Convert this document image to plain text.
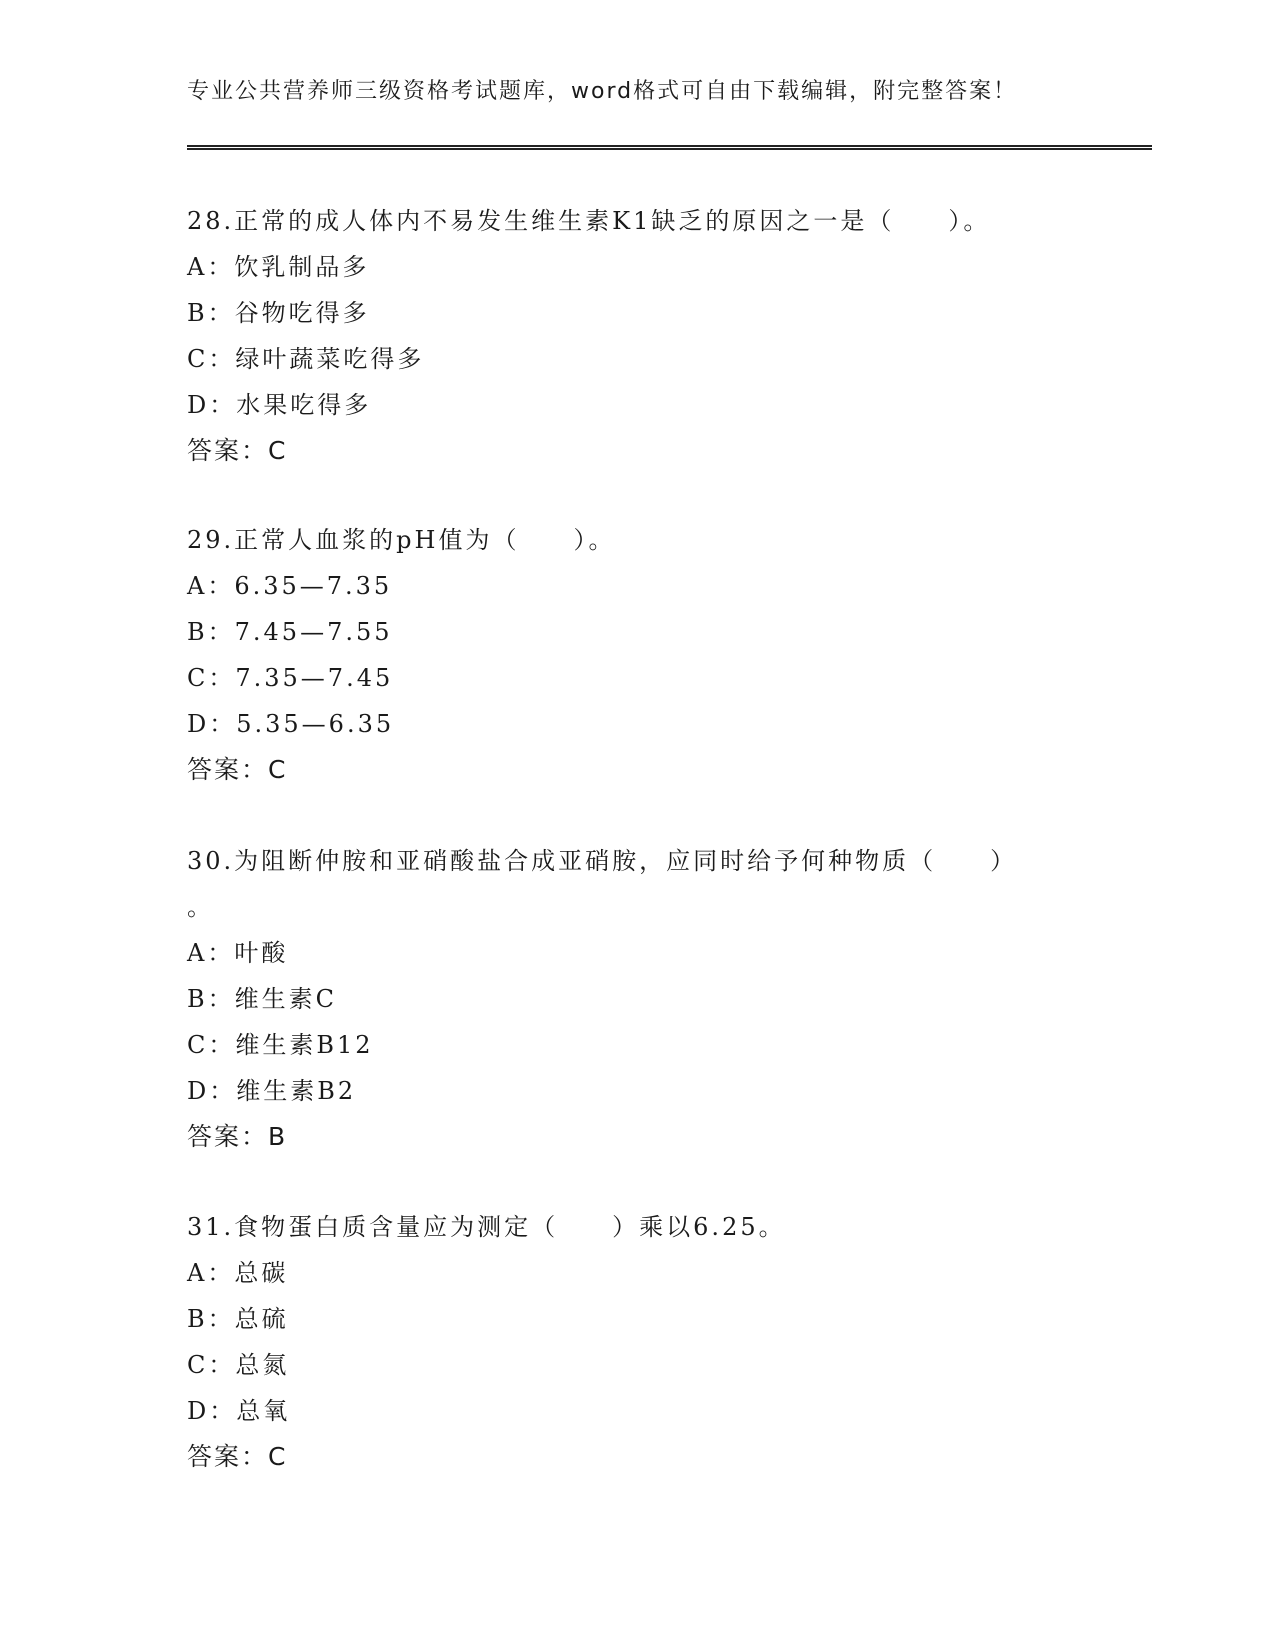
专业公共营养师三级资格考试题库，word格式可自由下载编辑，附完整答案！
28.正常的成人体内不易发生维生素K1缺乏的原因之一是（　　）。
A：饮乳制品多
B：谷物吃得多
C：绿叶蔬菜吃得多
D：水果吃得多
答案：C
29.正常人血浆的pH值为（　　）。
A：6.35—7.35
B：7.45—7.55
C：7.35—7.45
D：5.35—6.35
答案：C
30.为阻断仲胺和亚硝酸盐合成亚硝胺，应同时给予何种物质（　　）
。
A：叶酸
B：维生素C
C：维生素B12
D：维生素B2
答案：B
31.食物蛋白质含量应为测定（　　）乘以6.25。
A：总碳
B：总硫
C：总氮
D：总氧
答案：C
